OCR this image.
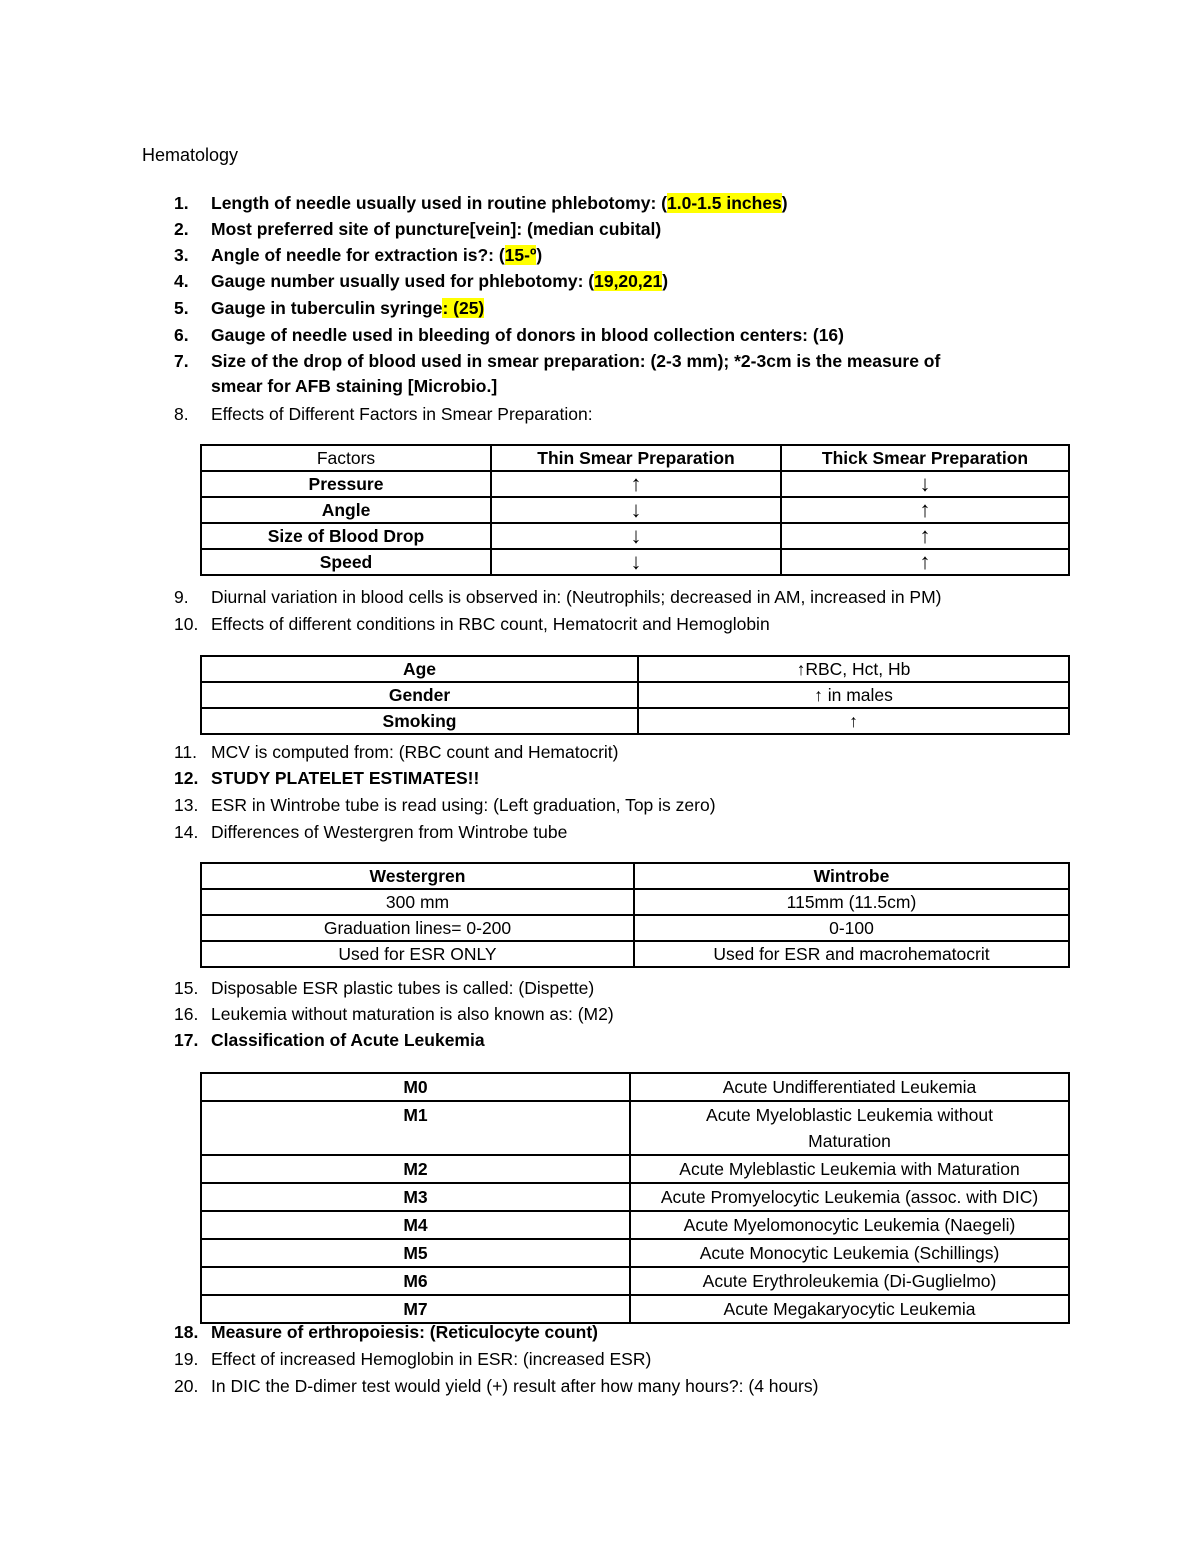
Hematology
1.	Length of needle usually used in routine phlebotomy: (1.0-1.5 inches)
2.	Most preferred site of puncture[vein]: (median cubital)
3.	Angle of needle for extraction is?: (15-º)
4.	Gauge number usually used for phlebotomy: (19,20,21)
5.	Gauge in tuberculin syringe: (25)
6.	Gauge of needle used in bleeding of donors in blood collection centers: (16)
7.	Size of the drop of blood used in smear preparation: (2-3 mm); *2-3cm is the measure of
smear for AFB staining [Microbio.]
8.	Effects of Different Factors in Smear Preparation:
Factors	Thin Smear Preparation	Thick Smear Preparation
Pressure	↑	↓
Angle	↓	↑
Size of Blood Drop	↓	↑
Speed	↓	↑
9.	Diurnal variation in blood cells is observed in: (Neutrophils; decreased in AM, increased in PM)
10. Effects of different conditions in RBC count, Hematocrit and Hemoglobin
Age	↑RBC, Hct, Hb
Gender	↑ in males
Smoking	↑
11. MCV is computed from: (RBC count and Hematocrit)
12. STUDY PLATELET ESTIMATES!!
13. ESR in Wintrobe tube is read using: (Left graduation, Top is zero)
14. Differences of Westergren from Wintrobe tube
Westergren	Wintrobe
300 mm	115mm (11.5cm)
Graduation lines= 0-200	0-100
Used for ESR ONLY	Used for ESR and macrohematocrit
15. Disposable ESR plastic tubes is called: (Dispette)
16. Leukemia without maturation is also known as: (M2)
17. Classification of Acute Leukemia
M0	Acute Undifferentiated Leukemia
M1	Acute Myeloblastic Leukemia without Maturation
M2	Acute Myleblastic Leukemia with Maturation
M3	Acute Promyelocytic Leukemia (assoc. with DIC)
M4	Acute Myelomonocytic Leukemia (Naegeli)
M5	Acute Monocytic Leukemia (Schillings)
M6	Acute Erythroleukemia (Di-Guglielmo)
M7	Acute Megakaryocytic Leukemia
18. Measure of erthropoiesis: (Reticulocyte count)
19. Effect of increased Hemoglobin in ESR: (increased ESR)
20. In DIC the D-dimer test would yield (+) result after how many hours?: (4 hours)
